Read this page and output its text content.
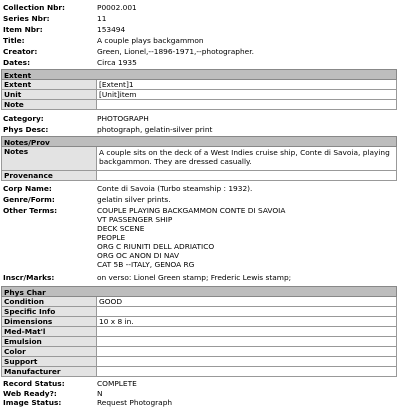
Collection Nbr:	P0002.001
Series Nbr:	11
Item Nbr:	153494
Title:	A couple plays backgammon
Creator:	Green, Lionel,--1896-1971,--photographer.
Dates:	Circa 1935
Extent
Extent	[Extent]1
Unit	[Unit]item
Note
Category:	PHOTOGRAPH
Phys Desc:	photograph, gelatin-silver print
Notes/Prov
Notes	A couple sits on the deck of a West Indies cruise ship, Conte di Savoia, playing backgammon. They are dressed casually.
Provenance
Corp Name:	Conte di Savoia (Turbo steamship : 1932).
Genre/Form:	gelatin silver prints.
Other Terms:	COUPLE PLAYING BACKGAMMON CONTE DI SAVOIA
VT PASSENGER SHIP
DECK SCENE
PEOPLE
ORG C RIUNITI DELL ADRIATICO
ORG OC ANON DI NAV
CAT 5B --ITALY, GENOA RG
Inscr/Marks:	on verso: Lionel Green stamp; Frederic Lewis stamp;
Phys Char
Condition	GOOD
Specific Info
Dimensions	10 x 8 in.
Med-Mat'l
Emulsion
Color
Support
Manufacturer
Record Status:	COMPLETE
Web Ready?:	N
Image Status:	Request Photograph
